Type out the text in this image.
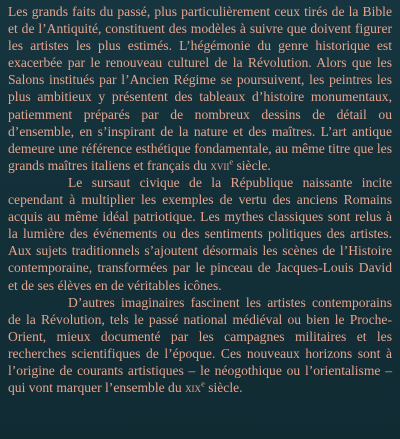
Les grands faits du passé, plus particulièrement ceux tirés de la Bible et de l’Antiquité, constituent des modèles à suivre que doivent figurer les artistes les plus estimés. L’hégémonie du genre historique est exacerbée par le renouveau culturel de la Révolution. Alors que les Salons institués par l’Ancien Régime se poursuivent, les peintres les plus ambitieux y présentent des tableaux d’histoire monumentaux, patiemment préparés par de nombreux dessins de détail ou d’ensemble, en s’inspirant de la nature et des maîtres. L’art antique demeure une référence esthétique fondamentale, au même titre que les grands maîtres italiens et français du xvii$^e$ siècle.

Le sursaut civique de la République naissante incite cependant à multiplier les exemples de vertu des anciens Romains acquis au même idéal patriotique. Les mythes classiques sont relus à la lumière des événements ou des sentiments politiques des artistes. Aux sujets traditionnels s’ajoutent désormais les scènes de l’Histoire contemporaine, transformées par le pinceau de Jacques-Louis David et de ses élèves en de véritables icônes.

D’autres imaginaires fascinent les artistes contemporains de la Révolution, tels le passé national médiéval ou bien le Proche-Orient, mieux documenté par les campagnes militaires et les recherches scientifiques de l’époque. Ces nouveaux horizons sont à l’origine de courants artistiques – le néogothique ou l’orientalisme – qui vont marquer l’ensemble du xix$^e$ siècle.
